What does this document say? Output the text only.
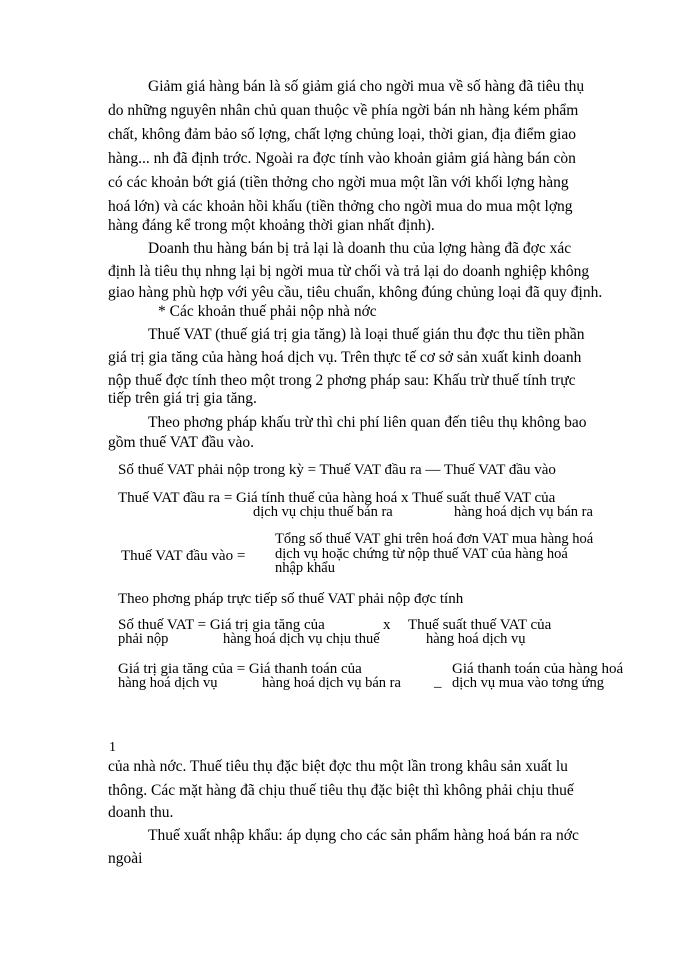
Giảm giá hàng bán là số giảm giá cho ngời mua về số hàng đã tiêu thụ
do những nguyên nhân chủ quan thuộc về phía ngời bán nh hàng kém phẩm
chất, không đảm bảo số lợng, chất lợng chủng loại, thời gian, địa điểm giao
hàng... nh đã định trớc. Ngoài ra đợc tính vào khoản giảm giá hàng bán còn
có các khoản bớt giá (tiền thởng cho ngời mua một lần với khối lợng hàng
hoá lớn) và các khoản hồi khấu (tiền thởng cho ngời mua do mua một lợng
hàng đáng kể trong một khoảng thời gian nhất định).
Doanh thu hàng bán bị trả lại là doanh thu của lợng hàng đã đợc xác
định là tiêu thụ nhng lại bị ngời mua từ chối và trả lại do doanh nghiệp không
giao hàng phù hợp với yêu cầu, tiêu chuẩn, không đúng chủng loại đã quy định.
* Các khoản thuế phải nộp nhà nớc
Thuế VAT (thuế giá trị gia tăng) là loại thuế gián thu đợc thu tiền phần
giá trị gia tăng của hàng hoá dịch vụ. Trên thực tế cơ sở sản xuất kinh doanh
nộp thuế đợc tính theo một trong 2 phơng pháp sau: Khấu trừ thuế tính trực
tiếp trên giá trị gia tăng.
Theo phơng pháp khấu trừ thì chi phí liên quan đến tiêu thụ không bao
gồm thuế VAT đầu vào.
Số thuế VAT phải nộp trong kỳ = Thuế VAT đầu ra — Thuế VAT đầu vào
Thuế VAT đầu ra = Giá tính thuế của hàng hoá x Thuế suất thuế VAT của
dịch vụ chịu thuế bán ra	hàng hoá dịch vụ bán ra
Thuế VAT đầu vào =
Tổng số thuế VAT ghi trên hoá đơn VAT mua hàng hoá
dịch vụ hoặc chứng từ nộp thuế VAT của hàng hoá
nhập khẩu
Theo phơng pháp trực tiếp số thuế VAT phải nộp đợc tính
Số thuế VAT = Giá trị gia tăng của	x Thuế suất thuế VAT của
phải nộp	hàng hoá dịch vụ chịu thuế	hàng hoá dịch vụ
Giá trị gia tăng của = Giá thanh toán của	Giá thanh toán của hàng hoá
hàng hoá dịch vụ	hàng hoá dịch vụ bán ra _ dịch vụ mua vào tơng ứng
1
của nhà nớc. Thuế tiêu thụ đặc biệt đợc thu một lần trong khâu sản xuất lu
thông. Các mặt hàng đã chịu thuế tiêu thụ đặc biệt thì không phải chịu thuế
doanh thu.
Thuế xuất nhập khẩu: áp dụng cho các sản phẩm hàng hoá bán ra nớc
ngoài
